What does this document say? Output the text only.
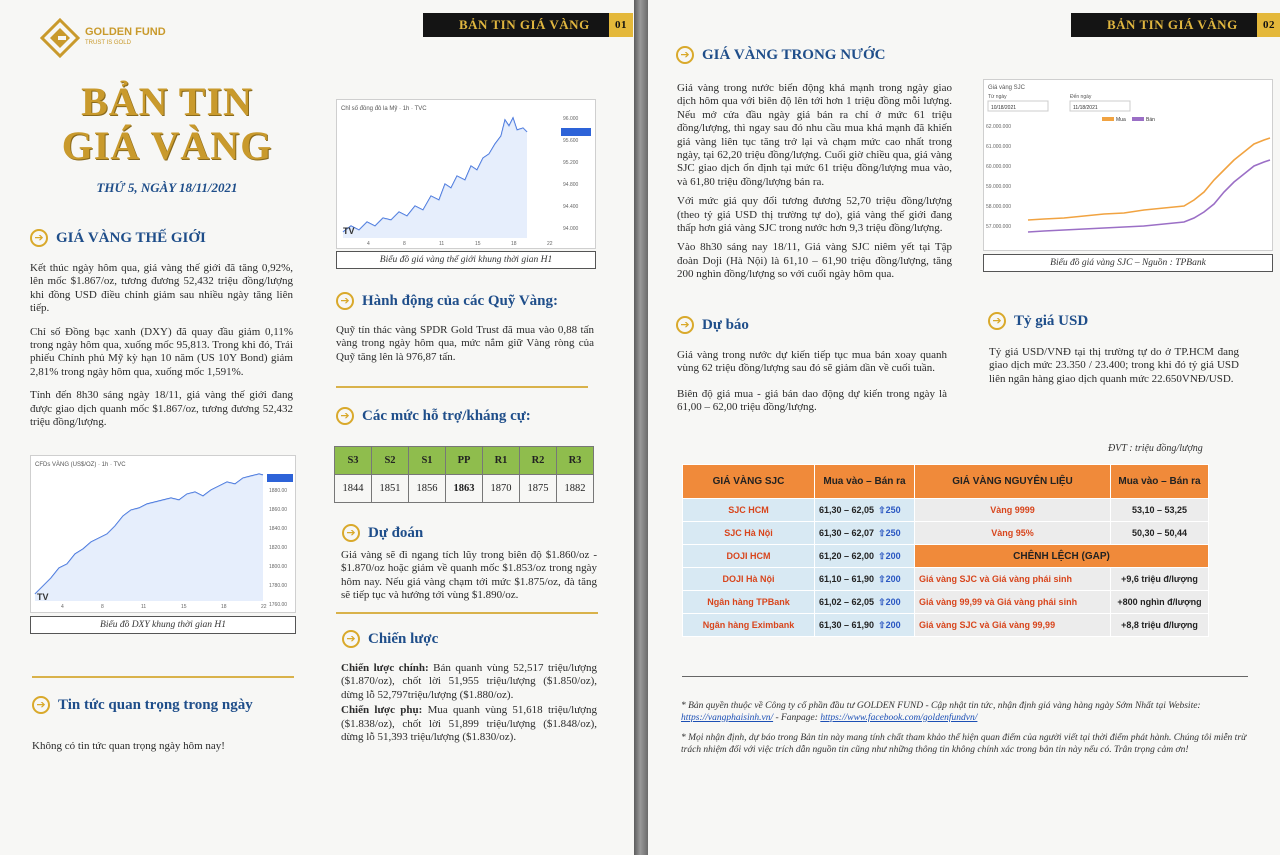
GOLDEN FUND
TRUST IS GOLD
BẢN TIN GIÁ VÀNG	01
BẢN TIN
GIÁ VÀNG
THỨ 5, NGÀY 18/11/2021
➔ GIÁ VÀNG THẾ GIỚI

Kết thúc ngày hôm qua, giá vàng thế giới đã tăng 0,92%, lên mốc $1.867/oz, tương đương 52,432 triệu đồng/lượng khi đồng USD điều chỉnh giảm sau nhiều ngày tăng liên tiếp.

Chỉ số Đồng bạc xanh (DXY) đã quay đầu giảm 0,11% trong ngày hôm qua, xuống mốc 95,813. Trong khi đó, Trái phiếu Chính phủ Mỹ kỳ hạn 10 năm (US 10Y Bond) giảm 2,81% trong ngày hôm qua, xuống mốc 1,591%.

Tính đến 8h30 sáng ngày 18/11, giá vàng thế giới đang được giao dịch quanh mốc $1.867/oz, tương đương 52,432 triệu đồng/lượng.

CFDs VÀNG (US$/OZ) · 1h · TVC
1880.00
1860.00
1840.00
1820.00
1800.00
1780.00
1760.00
4	8	11	15	18	22
TV
Biểu đồ DXY khung thời gian H1
➔ Tin tức quan trọng trong ngày
Không có tin tức quan trọng ngày hôm nay!
Chỉ số đồng đô la Mỹ · 1h · TVC
96.000
95.600
95.200
94.800
94.400
94.000
4	8	11	15	18	22
TV
Biểu đồ giá vàng thế giới khung thời gian H1
➔ Hành động của các Quỹ Vàng:
Quỹ tín thác vàng SPDR Gold Trust đã mua vào 0,88 tấn vàng trong ngày hôm qua, mức nắm giữ Vàng ròng của Quỹ tăng lên là 976,87 tấn.
➔ Các mức hỗ trợ/kháng cự:
S3	S2	S1	PP	R1	R2	R3
1844	1851	1856	1863	1870	1875	1882
➔ Dự đoán
Giá vàng sẽ đi ngang tích lũy trong biên độ $1.860/oz - $1.870/oz hoặc giảm về quanh mốc $1.853/oz trong ngày hôm nay. Nếu giá vàng chạm tới mức $1.875/oz, đà tăng sẽ tiếp tục và hướng tới vùng $1.890/oz.
➔ Chiến lược

Chiến lược chính: Bán quanh vùng 52,517 triệu/lượng ($1.870/oz), chốt lời 51,955 triệu/lượng ($1.850/oz), dừng lỗ 52,797triệu/lượng ($1.880/oz).

Chiến lược phụ: Mua quanh vùng 51,618 triệu/lượng ($1.838/oz), chốt lời 51,899 triệu/lượng ($1.848/oz), dừng lỗ 51,393 triệu/lượng ($1.830/oz).

BẢN TIN GIÁ VÀNG	02
➔ GIÁ VÀNG TRONG NƯỚC

Giá vàng trong nước biến động khá mạnh trong ngày giao dịch hôm qua với biên độ lên tới hơn 1 triệu đồng mỗi lượng. Nếu mở cửa đầu ngày giá bán ra chỉ ở mức 61 triệu đồng/lượng, thì ngay sau đó nhu cầu mua khá mạnh đã khiến giá vàng liên tục tăng trở lại và chạm mức cao nhất trong ngày, tại 62,20 triệu đồng/lượng. Cuối giờ chiều qua, giá vàng SJC giao dịch ổn định tại mức 61 triệu đồng/lượng mua vào, và 61,80 triệu đồng/lượng bán ra.

Với mức giá quy đổi tương đương 52,70 triệu đồng/lượng (theo tỷ giá USD thị trường tự do), giá vàng thế giới đang thấp hơn giá vàng SJC trong nước hơn 9,3 triệu đồng/lượng.

Vào 8h30 sáng nay 18/11, Giá vàng SJC niêm yết tại Tập đoàn Doji (Hà Nội) là 61,10 – 61,90 triệu đồng/lượng, tăng 200 nghìn đồng/lượng so với cuối ngày hôm qua.

Giá vàng SJC
Từ ngày
10/18/2021
Đến ngày
11/18/2021
Mua	Bán
62.000.000
61.000.000
60.000.000
59.000.000
58.000.000
57.000.000
Biểu đồ giá vàng SJC – Nguồn : TPBank
➔ Dự báo

Giá vàng trong nước dự kiến tiếp tục mua bán xoay quanh vùng 62 triệu đồng/lượng sau đó sẽ giảm dần về cuối tuần.

Biên độ giá mua - giá bán dao động dự kiến trong ngày là 61,00 – 62,00 triệu đồng/lượng.

➔ Tỷ giá USD
Tỷ giá USD/VNĐ tại thị trường tự do ở TP.HCM đang giao dịch mức 23.350 / 23.400; trong khi đó tỷ giá USD liên ngân hàng giao dịch quanh mức 22.650VNĐ/USD.
ĐVT : triệu đồng/lượng
GIÁ VÀNG SJC	Mua vào – Bán ra	GIÁ VÀNG NGUYÊN LIỆU	Mua vào – Bán ra
SJC HCM	61,30 – 62,05 ⇧250	Vàng 9999	53,10 – 53,25
SJC Hà Nội	61,30 – 62,07 ⇧250	Vàng 95%	50,30 – 50,44
DOJI HCM	61,20 – 62,00 ⇧200	CHÊNH LỆCH (GAP)	
DOJI Hà Nội	61,10 – 61,90 ⇧200	Giá vàng SJC và Giá vàng phái sinh	+9,6 triệu đ/lượng
Ngân hàng TPBank	61,02 – 62,05 ⇧200	Giá vàng 99,99 và Giá vàng phái sinh	+800 nghìn đ/lượng
Ngân hàng Eximbank	61,30 – 61,90 ⇧200	Giá vàng SJC và Giá vàng 99,99	+8,8 triệu đ/lượng
* Bản quyền thuộc về Công ty cổ phần đầu tư GOLDEN FUND - Cập nhật tin tức, nhận định giá vàng hàng ngày Sớm Nhất tại Website: https://vangphaisinh.vn/ - Fanpage: https://www.facebook.com/goldenfundvn/
* Mọi nhận định, dự báo trong Bản tin này mang tính chất tham khảo thể hiện quan điểm của người viết tại thời điểm phát hành. Chúng tôi miễn trừ trách nhiệm đối với việc trích dẫn nguồn tin cũng như những thông tin không chính xác trong bản tin này nếu có. Trân trọng cảm ơn!
